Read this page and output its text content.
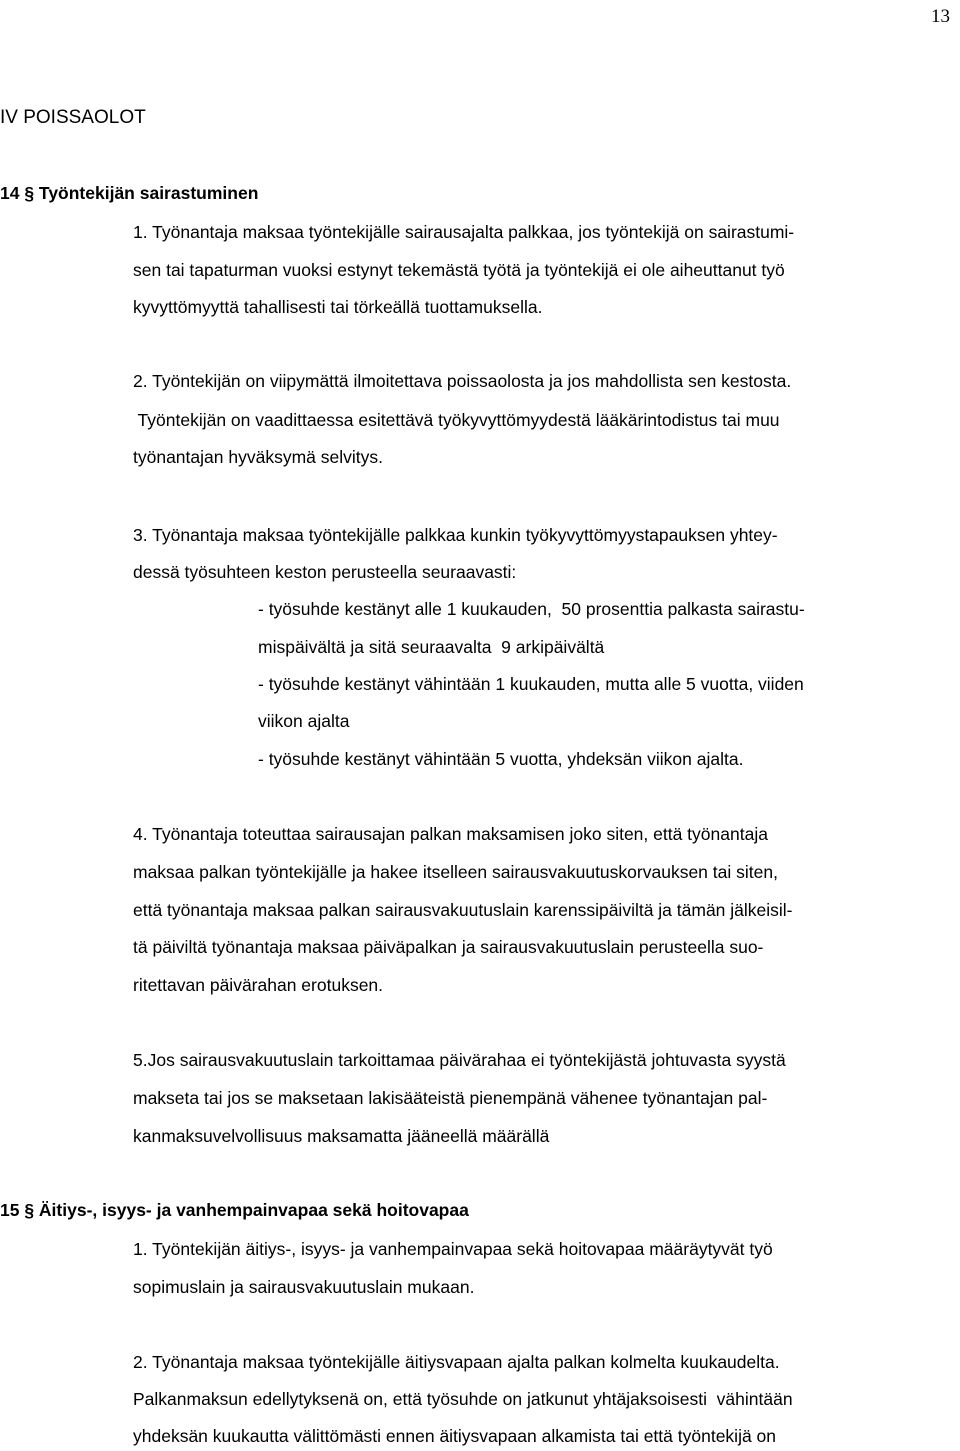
13
IV POISSAOLOT
14 § Työntekijän sairastuminen

1. Työnantaja maksaa työntekijälle sairausajalta palkkaa, jos työntekijä on sairastumi-

sen tai tapaturman vuoksi estynyt tekemästä työtä ja työntekijä ei ole aiheuttanut työ

kyvyttömyyttä tahallisesti tai törkeällä tuottamuksella.

2. Työntekijän on viipymättä ilmoitettava poissaolosta ja jos mahdollista sen kestosta.

Työntekijän on vaadittaessa esitettävä työkyvyttömyydestä lääkärintodistus tai muu

työnantajan hyväksymä selvitys.

3. Työnantaja maksaa työntekijälle palkkaa kunkin työkyvyttömyystapauksen yhtey-

dessä työsuhteen keston perusteella seuraavasti:

- työsuhde kestänyt alle 1 kuukauden,  50 prosenttia palkasta sairastu-

mispäivältä ja sitä seuraavalta  9 arkipäivältä

- työsuhde kestänyt vähintään 1 kuukauden, mutta alle 5 vuotta, viiden

viikon ajalta

- työsuhde kestänyt vähintään 5 vuotta, yhdeksän viikon ajalta.

4. Työnantaja toteuttaa sairausajan palkan maksamisen joko siten, että työnantaja

maksaa palkan työntekijälle ja hakee itselleen sairausvakuutuskorvauksen tai siten,

että työnantaja maksaa palkan sairausvakuutuslain karenssipäiviltä ja tämän jälkeisil-

tä päiviltä työnantaja maksaa päiväpalkan ja sairausvakuutuslain perusteella suo-

ritettavan päivärahan erotuksen.

5.Jos sairausvakuutuslain tarkoittamaa päivärahaa ei työntekijästä johtuvasta syystä

makseta tai jos se maksetaan lakisääteistä pienempänä vähenee työnantajan pal-

kanmaksuvelvollisuus maksamatta jääneellä määrällä

15 § Äitiys-, isyys- ja vanhempainvapaa sekä hoitovapaa

1. Työntekijän äitiys-, isyys- ja vanhempainvapaa sekä hoitovapaa määräytyvät työ

sopimuslain ja sairausvakuutuslain mukaan.

2. Työnantaja maksaa työntekijälle äitiysvapaan ajalta palkan kolmelta kuukaudelta.

Palkanmaksun edellytyksenä on, että työsuhde on jatkunut yhtäjaksoisesti  vähintään

yhdeksän kuukautta välittömästi ennen äitiysvapaan alkamista tai että työntekijä on
